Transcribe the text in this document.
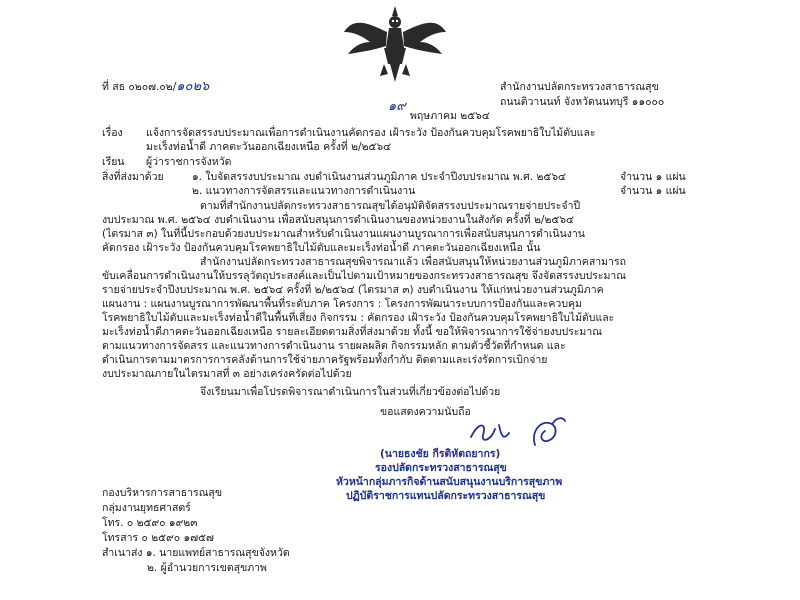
ที่ สธ ๐๒๐๗.๐๒/๑๐๒๖	สำนักงานปลัดกระทรวงสาธารณสุข
ถนนติวานนท์ จังหวัดนนทบุรี ๑๑๐๐๐
๑๙
พฤษภาคม ๒๕๖๔
เรื่อง แจ้งการจัดสรรงบประมาณเพื่อการดำเนินงานคัดกรอง เฝ้าระวัง ป้องกันควบคุมโรคพยาธิใบไม้ตับและ
มะเร็งท่อน้ำดี ภาคตะวันออกเฉียงเหนือ ครั้งที่ ๒/๒๕๖๔
เรียน ผู้ว่าราชการจังหวัด
สิ่งที่ส่งมาด้วย	๑. ใบจัดสรรงบประมาณ งบดำเนินงานส่วนภูมิภาค ประจำปีงบประมาณ พ.ศ. ๒๕๖๔	จำนวน ๑ แผ่น
๒. แนวทางการจัดสรรและแนวทางการดำเนินงาน	จำนวน ๑ แผ่น
ตามที่สำนักงานปลัดกระทรวงสาธารณสุขได้อนุมัติจัดสรรงบประมาณรายจ่ายประจำปี
งบประมาณ พ.ศ. ๒๕๖๔ งบดำเนินงาน เพื่อสนับสนุนการดำเนินงานของหน่วยงานในสังกัด ครั้งที่ ๒/๒๕๖๔
(ไตรมาส ๓) ในที่นี้ประกอบด้วยงบประมาณสำหรับดำเนินงานแผนงานบูรณาการเพื่อสนับสนุนการดำเนินงาน
คัดกรอง เฝ้าระวัง ป้องกันควบคุมโรคพยาธิใบไม้ตับและมะเร็งท่อน้ำดี ภาคตะวันออกเฉียงเหนือ นั้น
สำนักงานปลัดกระทรวงสาธารณสุขพิจารณาแล้ว เพื่อสนับสนุนให้หน่วยงานส่วนภูมิภาคสามารถ
ขับเคลื่อนการดำเนินงานให้บรรลุวัตถุประสงค์และเป็นไปตามเป้าหมายของกระทรวงสาธารณสุข จึงจัดสรรงบประมาณ
รายจ่ายประจำปีงบประมาณ พ.ศ. ๒๕๖๔ ครั้งที่ ๒/๒๕๖๔ (ไตรมาส ๓) งบดำเนินงาน ให้แก่หน่วยงานส่วนภูมิภาค
แผนงาน : แผนงานบูรณาการพัฒนาพื้นที่ระดับภาค โครงการ : โครงการพัฒนาระบบการป้องกันและควบคุม
โรคพยาธิใบไม้ตับและมะเร็งท่อน้ำดีในพื้นที่เสี่ยง กิจกรรม : คัดกรอง เฝ้าระวัง ป้องกันควบคุมโรคพยาธิใบไม้ตับและ
มะเร็งท่อน้ำดีภาคตะวันออกเฉียงเหนือ รายละเอียดตามสิ่งที่ส่งมาด้วย ทั้งนี้ ขอให้พิจารณาการใช้จ่ายงบประมาณ
ตามแนวทางการจัดสรร และแนวทางการดำเนินงาน รายผลผลิต กิจกรรมหลัก ตามตัวชี้วัดที่กำหนด และ
ดำเนินการตามมาตรการการคลังด้านการใช้จ่ายภาครัฐพร้อมทั้งกำกับ ติดตามและเร่งรัดการเบิกจ่าย
งบประมาณภายในไตรมาสที่ ๓ อย่างเคร่งครัดต่อไปด้วย
จึงเรียนมาเพื่อโปรดพิจารณาดำเนินการในส่วนที่เกี่ยวข้องต่อไปด้วย
ขอแสดงความนับถือ
(นายธงชัย กีรติหัตถยากร)
รองปลัดกระทรวงสาธารณสุข
หัวหน้ากลุ่มภารกิจด้านสนับสนุนงานบริการสุขภาพ
ปฏิบัติราชการแทนปลัดกระทรวงสาธารณสุข
กองบริหารการสาธารณสุข
กลุ่มงานยุทธศาสตร์
โทร. ๐ ๒๕๙๐ ๑๙๒๓
โทรสาร ๐ ๒๕๙๐ ๑๗๕๗
สำเนาส่ง ๑. นายแพทย์สาธารณสุขจังหวัด
๒. ผู้อำนวยการเขตสุขภาพ
